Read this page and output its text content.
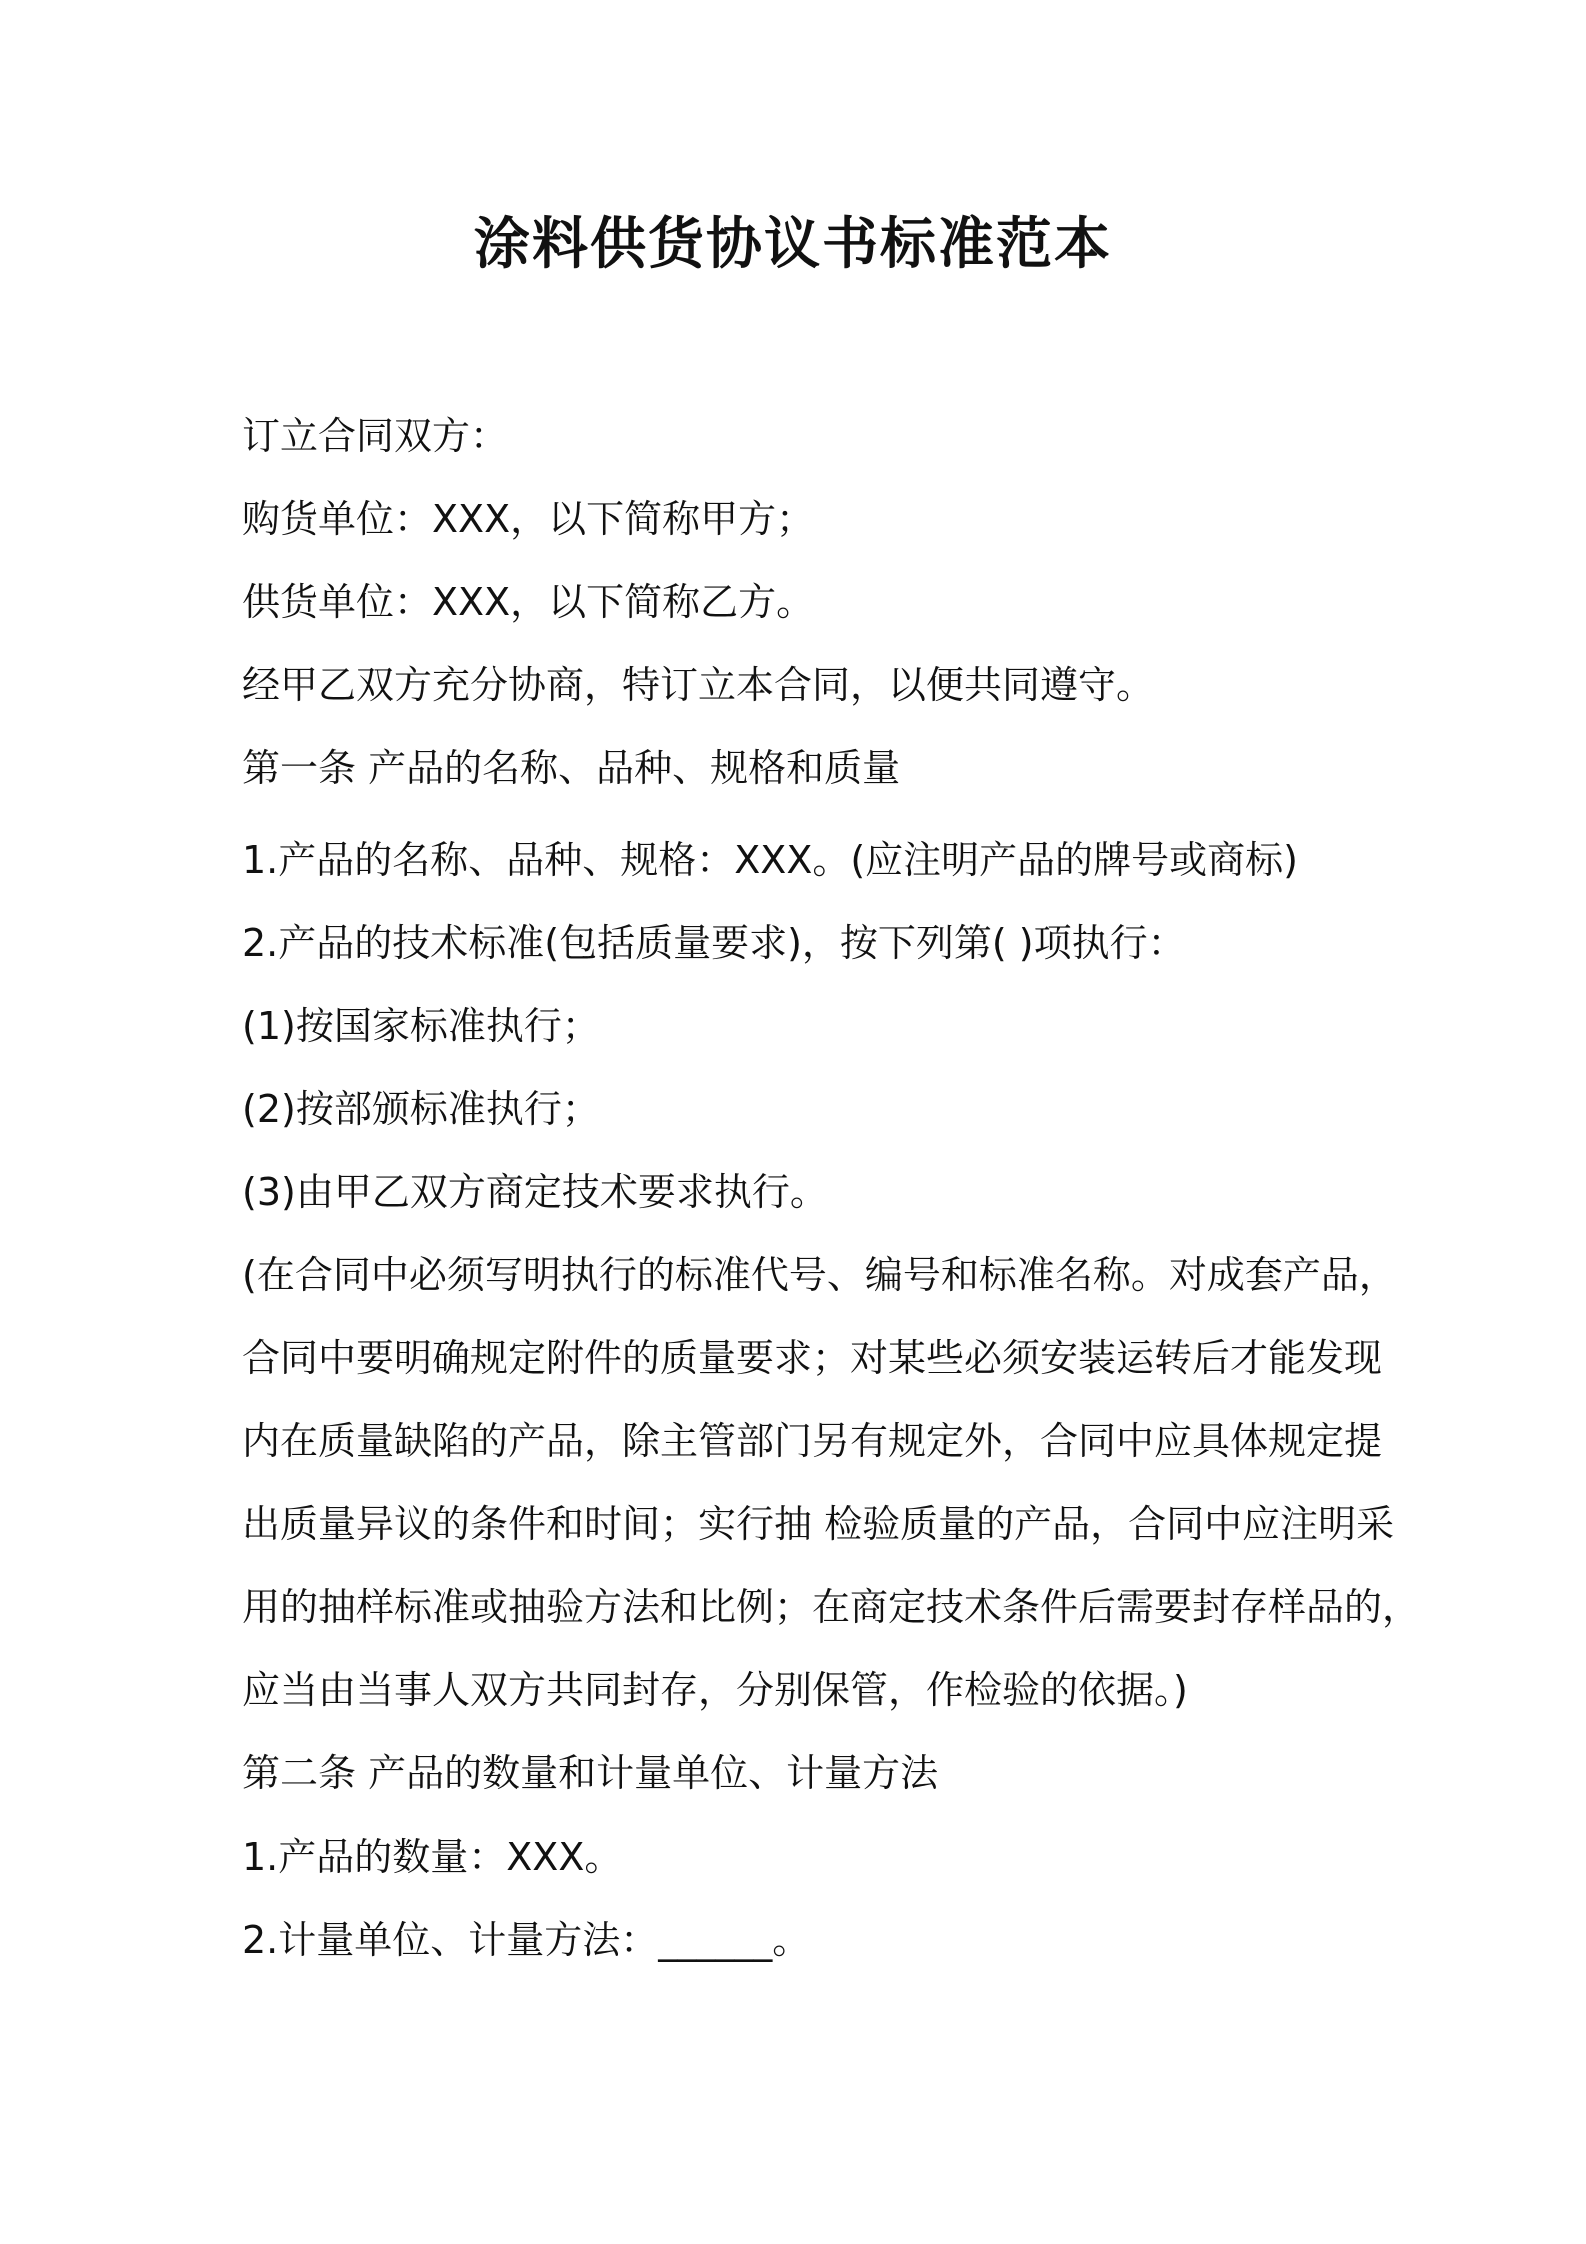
涂料供货协议书标准范本
订立合同双方：
购货单位：XXX，以下简称甲方；
供货单位：XXX，以下简称乙方。
经甲乙双方充分协商，特订立本合同，以便共同遵守。
第一条 产品的名称、品种、规格和质量
1.产品的名称、品种、规格：XXX。(应注明产品的牌号或商标)
2.产品的技术标准(包括质量要求)，按下列第( )项执行：
(1)按国家标准执行；
(2)按部颁标准执行；
(3)由甲乙双方商定技术要求执行。
(在合同中必须写明执行的标准代号、编号和标准名称。对成套产品，
合同中要明确规定附件的质量要求；对某些必须安装运转后才能发现
内在质量缺陷的产品，除主管部门另有规定外，合同中应具体规定提
出质量异议的条件和时间；实行抽 检验质量的产品，合同中应注明采
用的抽样标准或抽验方法和比例；在商定技术条件后需要封存样品的，
应当由当事人双方共同封存，分别保管，作检验的依据。)
第二条 产品的数量和计量单位、计量方法
1.产品的数量：XXX。
2.计量单位、计量方法：______。
